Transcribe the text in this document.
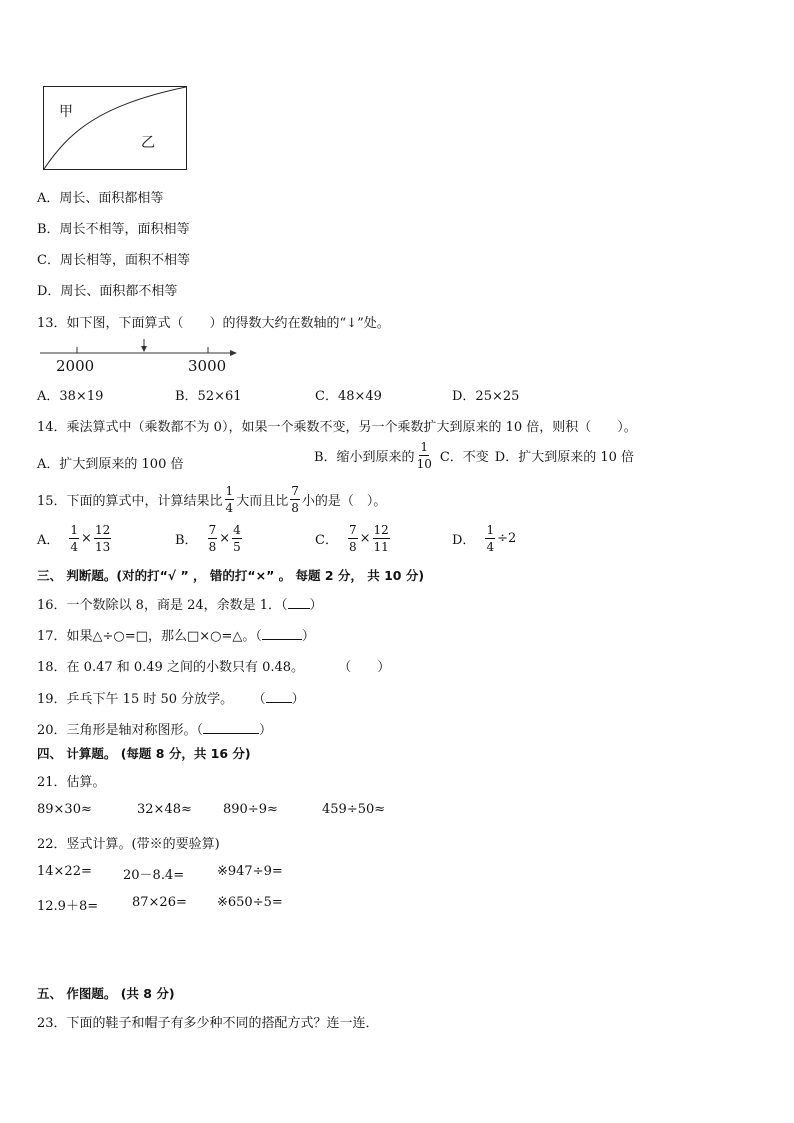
甲
乙
A．周长、面积都相等
B．周长不相等，面积相等
C．周长相等，面积不相等
D．周长、面积都不相等
13．如下图，下面算式（　　）的得数大约在数轴的“↓”处。
2000	3000
A．38×19	B．52×61	C．48×49	D．25×25
14．乘法算式中（乘数都不为 0），如果一个乘数不变，另一个乘数扩大到原来的 10 倍，则积（　　）。
A．扩大到原来的 100 倍	B．缩小到原来的 $\frac{1}{10}$ C．不变 D．扩大到原来的 10 倍
15．下面的算式中，计算结果比 $\frac{1}{4}$ 大而且比 $\frac{7}{8}$ 小的是（　）。
A． $\frac{1}{4} \times \frac{12}{13}$	B． $\frac{7}{8} \times \frac{4}{5}$	C． $\frac{7}{8} \times \frac{12}{11}$	D． $\frac{1}{4} \div 2$
三、 判断题。(对的打“√ ” ， 错的打“×” 。 每题 2 分， 共 10 分)
16．一个数除以 8，商是 24，余数是 1．（ ）
17．如果△÷○=□，那么□×○=△。（	）
18．在 0.47 和 0.49 之间的小数只有 0.48。	（　　）
19．乒乓下午 15 时 50 分放学。 （ ）
20．三角形是轴对称图形。（	）
四、 计算题。 (每题 8 分，共 16 分)
21．估算。
89×30≈	32×48≈ 890÷9≈	459÷50≈
22．竖式计算。(带※的要验算)
14×22= 20－8.4=	※947÷9=
12.9＋8=	87×26= ※650÷5=
五、 作图题。 (共 8 分)
23．下面的鞋子和帽子有多少种不同的搭配方式？连一连．
